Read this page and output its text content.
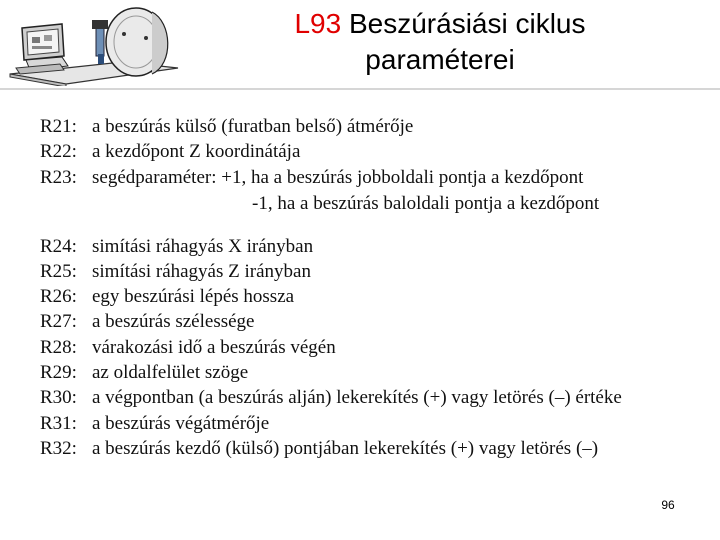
L93 Beszúrásiási ciklus
paraméterei
R21: a beszúrás külső (furatban belső) átmérője
R22: a kezdőpont Z koordinátája
R23: segédparaméter: +1, ha a beszúrás jobboldali pontja a kezdőpont
-1, ha a beszúrás baloldali pontja a kezdőpont
R24: simítási ráhagyás X irányban
R25: simítási ráhagyás Z irányban
R26: egy beszúrási lépés hossza
R27: a beszúrás szélessége
R28: várakozási idő a beszúrás végén
R29: az oldalfelület szöge
R30: a végpontban (a beszúrás alján) lekerekítés (+) vagy letörés (–) értéke
R31: a beszúrás végátmérője
R32: a beszúrás kezdő (külső) pontjában lekerekítés (+) vagy letörés (–)
96
